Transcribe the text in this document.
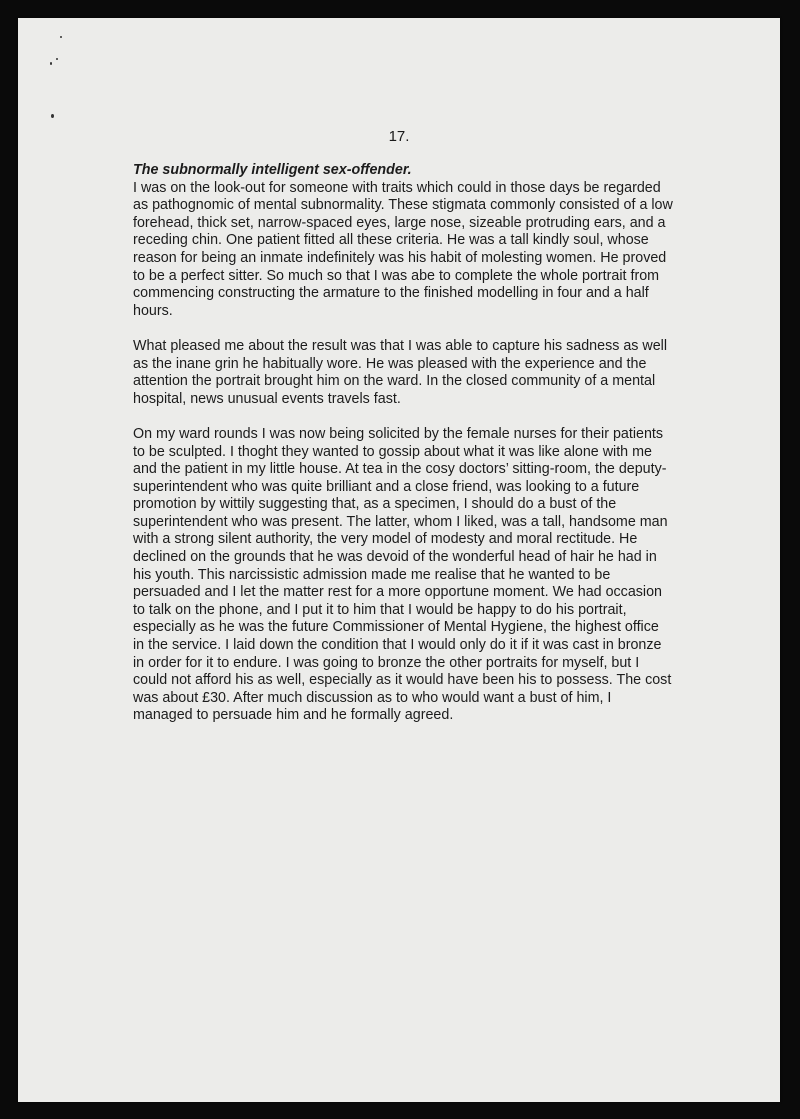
17.

The subnormally intelligent sex-offender.
I was on the look-out for someone with traits which could in those days be regarded as pathognomic of mental subnormality. These stigmata commonly consisted of a low forehead, thick set, narrow-spaced eyes, large nose, sizeable protruding ears, and a receding chin. One patient fitted all these criteria. He was a tall kindly soul, whose reason for being an inmate indefinitely was his habit of molesting women. He proved to be a perfect sitter. So much so that I was abe to complete the whole portrait from commencing constructing the armature to the finished modelling in four and a half hours.

What pleased me about the result was that I was able to capture his sadness as well as the inane grin he habitually wore. He was pleased with the experience and the attention the portrait brought him on the ward. In the closed community of a mental hospital, news unusual events travels fast.

On my ward rounds I was now being solicited by the female nurses for their patients to be sculpted. I thoght they wanted to gossip about what it was like alone with me and the patient in my little house. At tea in the cosy doctors’ sitting-room, the deputy-superintendent who was quite brilliant and a close friend, was looking to a future promotion by wittily suggesting that, as a specimen, I should do a bust of the superintendent who was present. The latter, whom I liked, was a tall, handsome man with a strong silent authority, the very model of modesty and moral rectitude. He declined on the grounds that he was devoid of the wonderful head of hair he had in his youth. This narcissistic admission made me realise that he wanted to be persuaded and I let the matter rest for a more opportune moment. We had occasion to talk on the phone, and I put it to him that I would be happy to do his portrait, especially as he was the future Commissioner of Mental Hygiene, the highest office in the service. I laid down the condition that I would only do it if it was cast in bronze in order for it to endure. I was going to bronze the other portraits for myself, but I could not afford his as well, especially as it would have been his to possess. The cost was about £30. After much discussion as to who would want a bust of him, I managed to persuade him and he formally agreed.
